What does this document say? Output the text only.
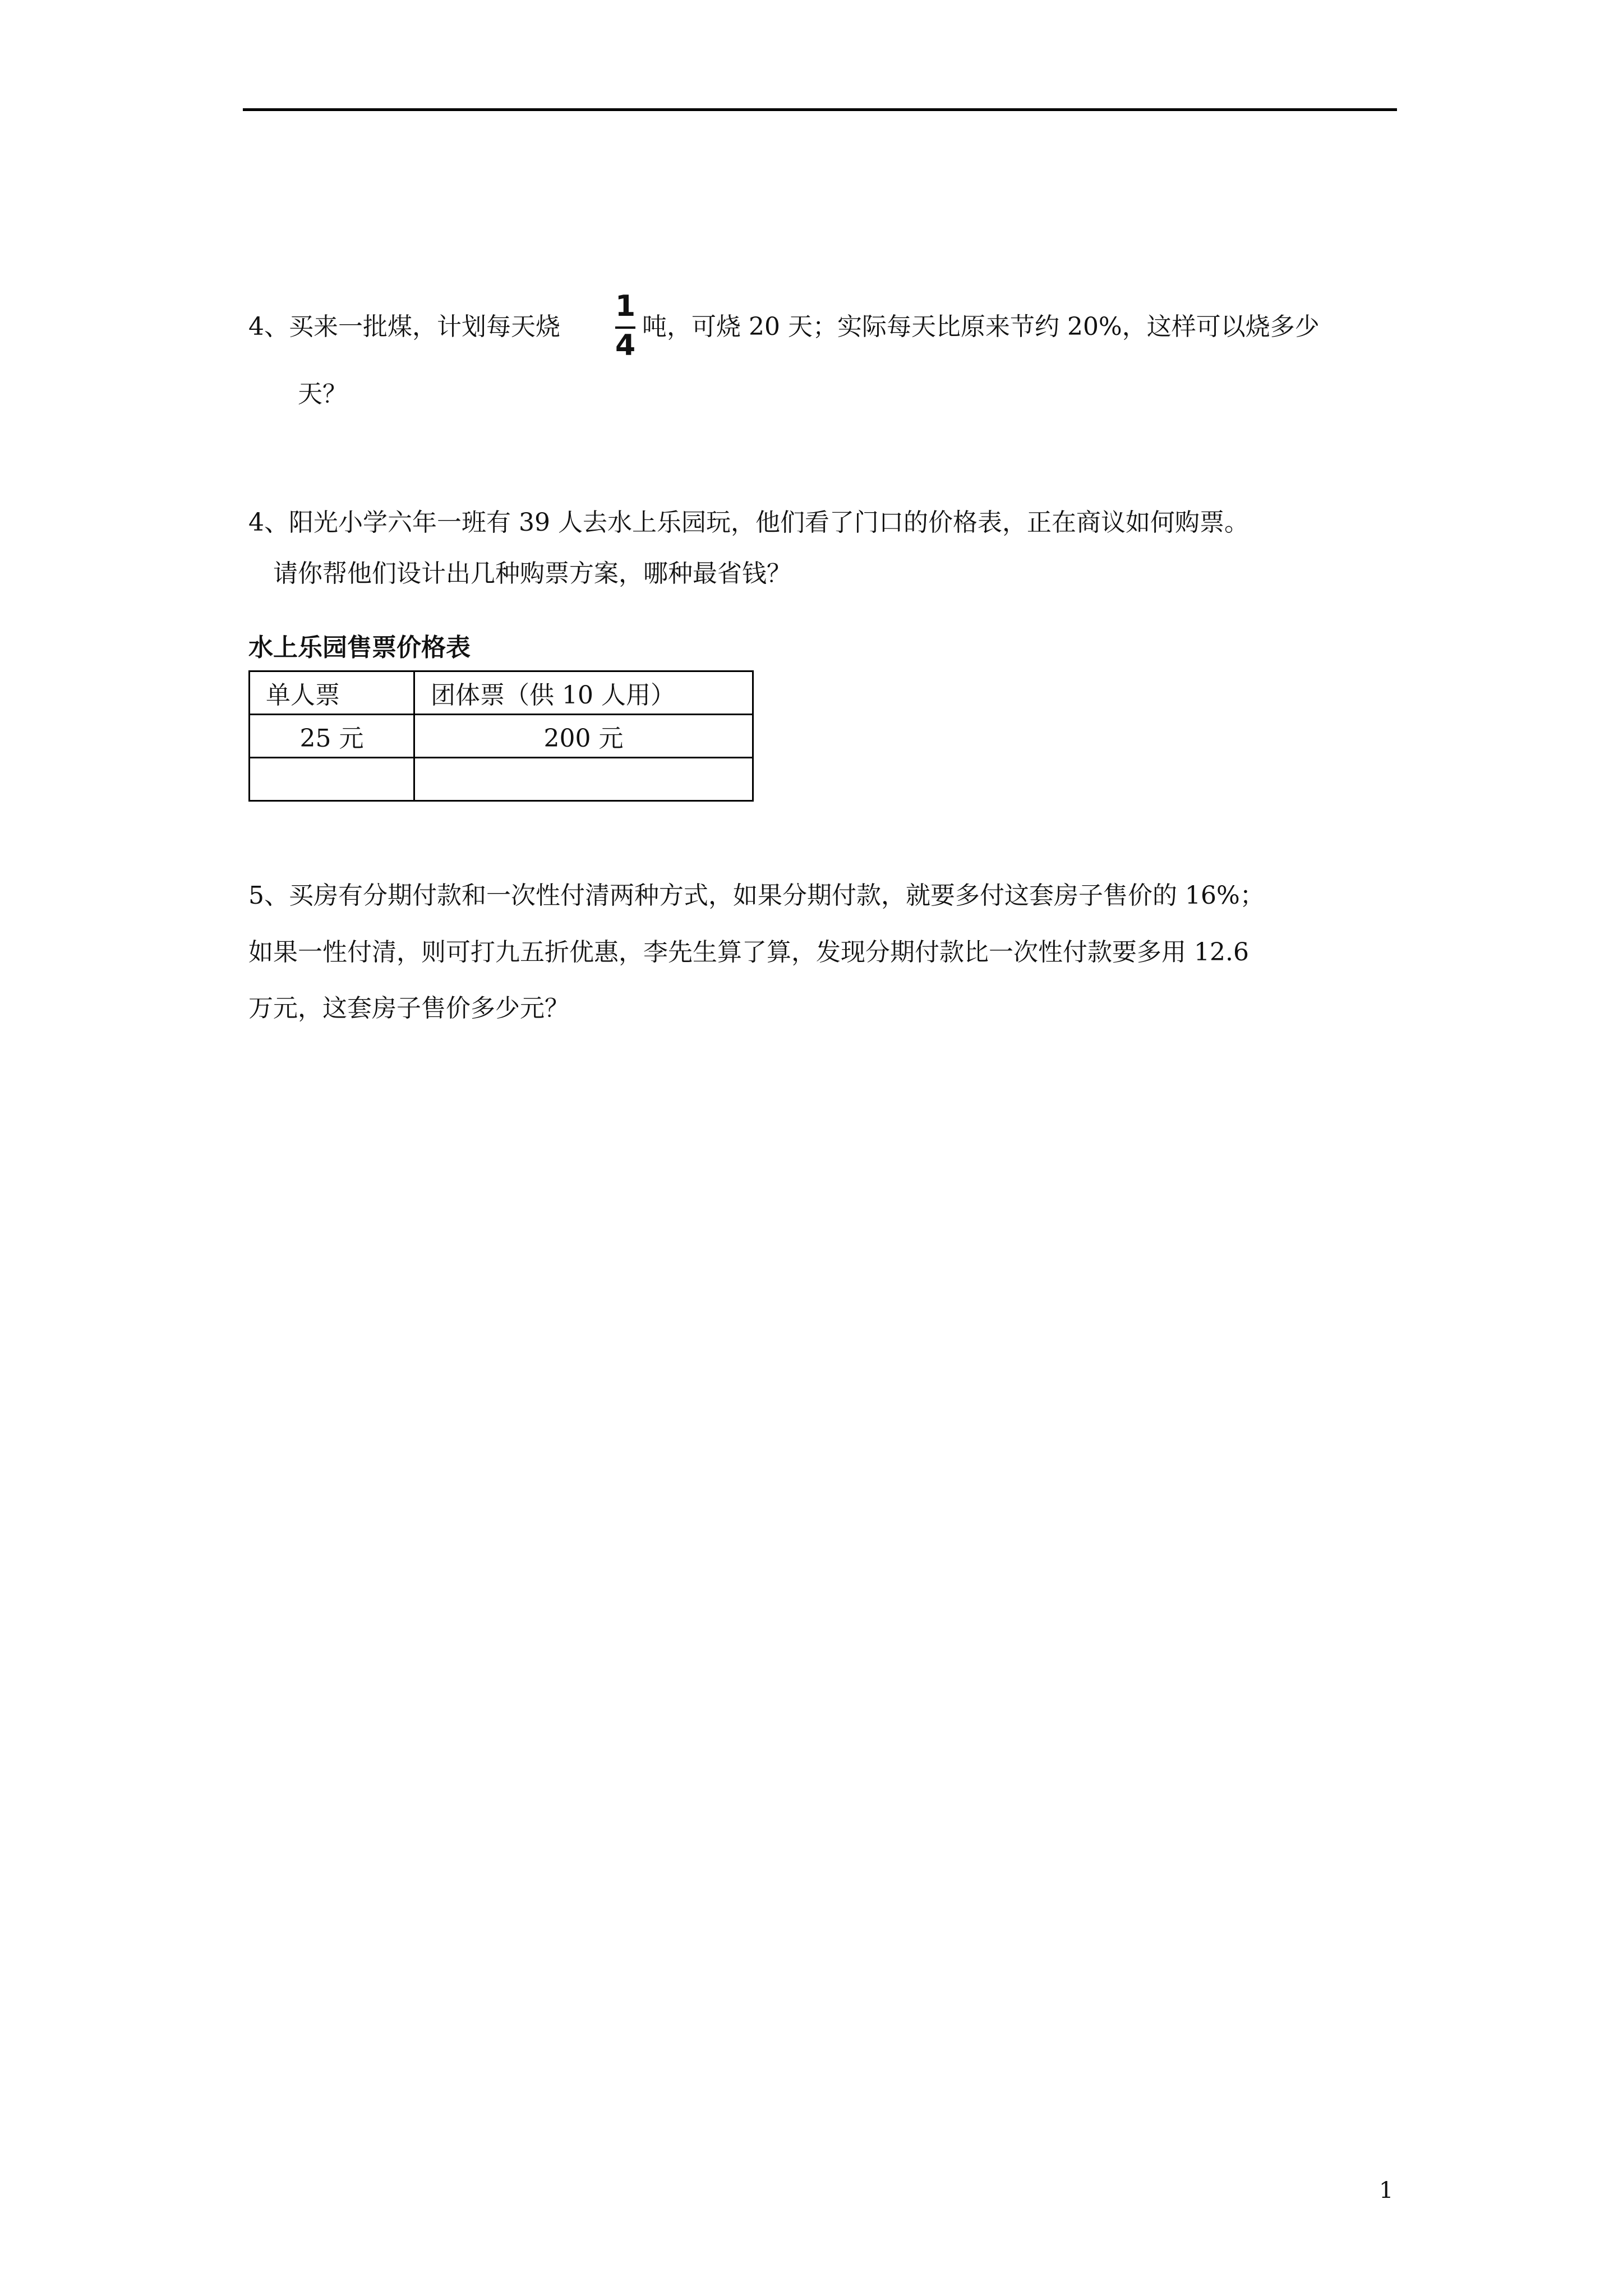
4、买来一批煤，计划每天烧
1
4
吨，可烧 20 天；实际每天比原来节约 20%，这样可以烧多少
天？
4、阳光小学六年一班有 39 人去水上乐园玩，他们看了门口的价格表，正在商议如何购票。
请你帮他们设计出几种购票方案，哪种最省钱？
水上乐园售票价格表
单人票	团体票（供 10 人用）
25 元	200 元

5、买房有分期付款和一次性付清两种方式，如果分期付款，就要多付这套房子售价的 16%；
如果一性付清，则可打九五折优惠，李先生算了算，发现分期付款比一次性付款要多用 12.6
万元，这套房子售价多少元？
1
